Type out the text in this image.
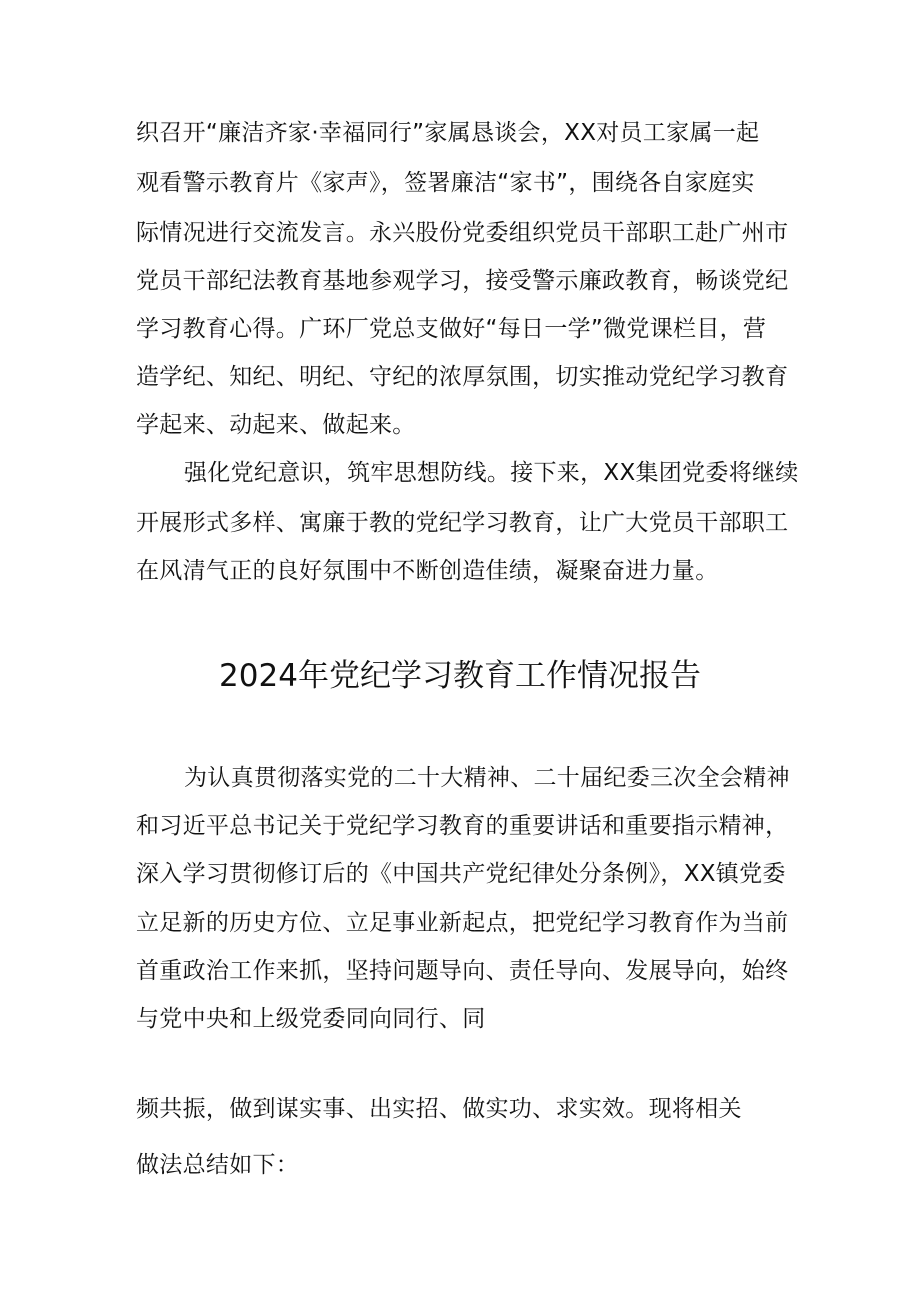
织召开“廉洁齐家·幸福同行”家属恳谈会，XX对员工家属一起
观看警示教育片《家声》，签署廉洁“家书”，围绕各自家庭实
际情况进行交流发言。永兴股份党委组织党员干部职工赴广州市
党员干部纪法教育基地参观学习，接受警示廉政教育，畅谈党纪
学习教育心得。广环厂党总支做好“每日一学”微党课栏目，营
造学纪、知纪、明纪、守纪的浓厚氛围，切实推动党纪学习教育
学起来、动起来、做起来。
强化党纪意识，筑牢思想防线。接下来，XX集团党委将继续
开展形式多样、寓廉于教的党纪学习教育，让广大党员干部职工
在风清气正的良好氛围中不断创造佳绩，凝聚奋进力量。
2024年党纪学习教育工作情况报告
为认真贯彻落实党的二十大精神、二十届纪委三次全会精神
和习近平总书记关于党纪学习教育的重要讲话和重要指示精神，
深入学习贯彻修订后的《中国共产党纪律处分条例》，XX镇党委
立足新的历史方位、立足事业新起点，把党纪学习教育作为当前
首重政治工作来抓，坚持问题导向、责任导向、发展导向，始终
与党中央和上级党委同向同行、同
频共振，做到谋实事、出实招、做实功、求实效。现将相关
做法总结如下：
